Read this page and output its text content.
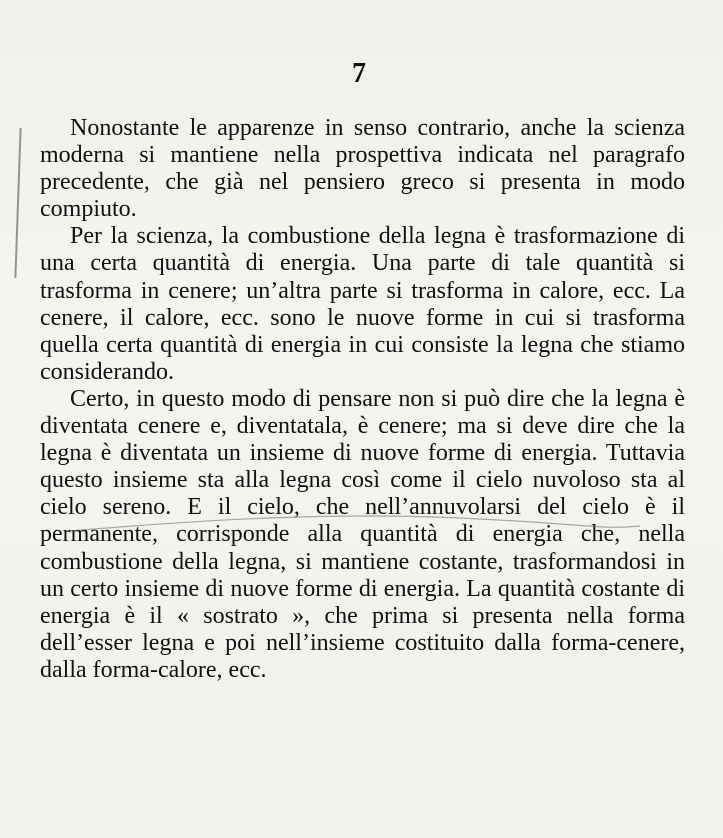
7

Nonostante le apparenze in senso contrario, anche la scienza moderna si mantiene nella prospettiva indicata nel paragrafo precedente, che già nel pensiero greco si presenta in modo compiuto.

Per la scienza, la combustione della legna è trasformazione di una certa quantità di energia. Una parte di tale quantità si trasforma in cenere; un’altra parte si trasforma in calore, ecc. La cenere, il calore, ecc. sono le nuove forme in cui si trasforma quella certa quantità di energia in cui consiste la legna che stiamo considerando.

Certo, in questo modo di pensare non si può dire che la legna è diventata cenere e, diventatala, è cenere; ma si deve dire che la legna è diventata un insieme di nuove forme di energia. Tuttavia questo insieme sta alla legna così come il cielo nuvoloso sta al cielo sereno. E il cielo, che nell’annuvolarsi del cielo è il permanente, corrisponde alla quantità di energia che, nella combustione della legna, si mantiene costante, trasformandosi in un certo insieme di nuove forme di energia. La quantità costante di energia è il « sostrato », che prima si presenta nella forma dell’esser legna e poi nell’insieme costituito dalla forma-cenere, dalla forma-calore, ecc.
